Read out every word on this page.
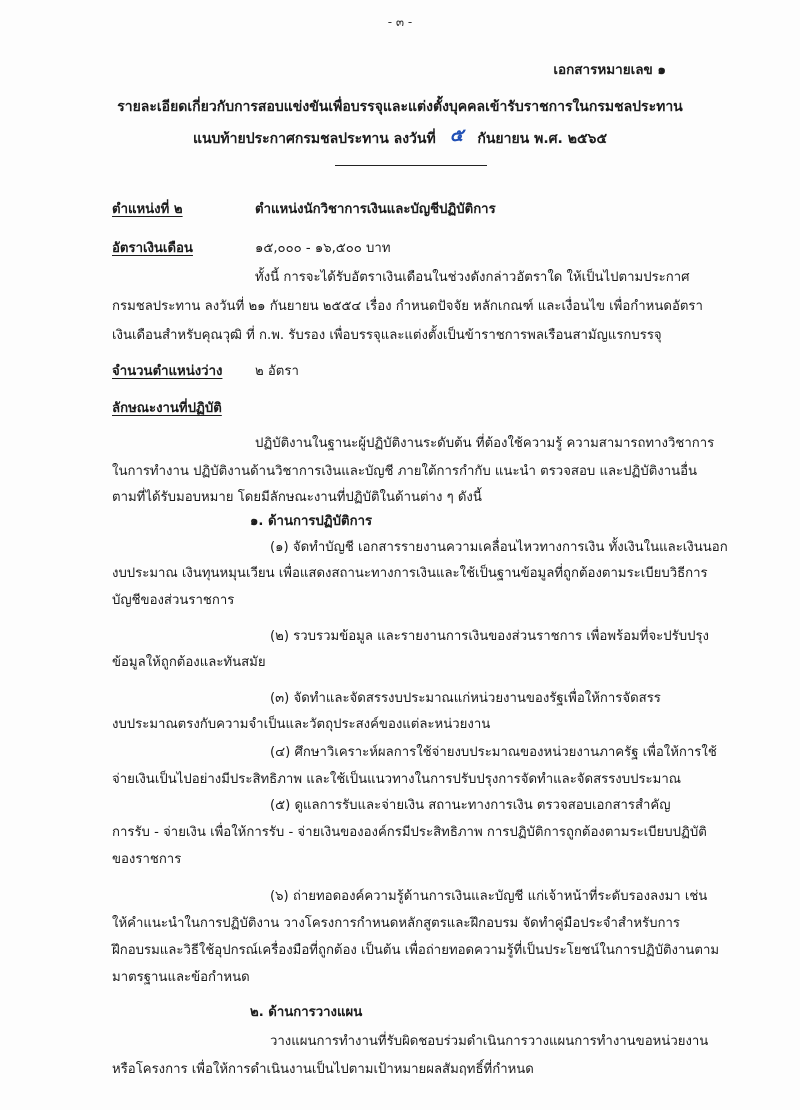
- ๓ -
เอกสารหมายเลข ๑
รายละเอียดเกี่ยวกับการสอบแข่งขันเพื่อบรรจุและแต่งตั้งบุคคลเข้ารับราชการในกรมชลประทาน
แนบท้ายประกาศกรมชลประทาน ลงวันที่ ๕ กันยายน พ.ศ. ๒๕๖๕
ตำแหน่งที่ ๒	ตำแหน่งนักวิชาการเงินและบัญชีปฏิบัติการ
อัตราเงินเดือน	๑๕,๐๐๐ - ๑๖,๕๐๐ บาท
ทั้งนี้ การจะได้รับอัตราเงินเดือนในช่วงดังกล่าวอัตราใด ให้เป็นไปตามประกาศ
กรมชลประทาน ลงวันที่ ๒๑ กันยายน ๒๕๕๔ เรื่อง กำหนดปัจจัย หลักเกณฑ์ และเงื่อนไข เพื่อกำหนดอัตรา
เงินเดือนสำหรับคุณวุฒิ ที่ ก.พ. รับรอง เพื่อบรรจุและแต่งตั้งเป็นข้าราชการพลเรือนสามัญแรกบรรจุ
จำนวนตำแหน่งว่าง ๒ อัตรา
ลักษณะงานที่ปฏิบัติ
ปฏิบัติงานในฐานะผู้ปฏิบัติงานระดับต้น ที่ต้องใช้ความรู้ ความสามารถทางวิชาการ
ในการทำงาน ปฏิบัติงานด้านวิชาการเงินและบัญชี ภายใต้การกำกับ แนะนำ ตรวจสอบ และปฏิบัติงานอื่น
ตามที่ได้รับมอบหมาย โดยมีลักษณะงานที่ปฏิบัติในด้านต่าง ๆ ดังนี้
๑. ด้านการปฏิบัติการ
(๑) จัดทำบัญชี เอกสารรายงานความเคลื่อนไหวทางการเงิน ทั้งเงินในและเงินนอก
งบประมาณ เงินทุนหมุนเวียน เพื่อแสดงสถานะทางการเงินและใช้เป็นฐานข้อมูลที่ถูกต้องตามระเบียบวิธีการ
บัญชีของส่วนราชการ
(๒) รวบรวมข้อมูล และรายงานการเงินของส่วนราชการ เพื่อพร้อมที่จะปรับปรุง
ข้อมูลให้ถูกต้องและทันสมัย
(๓) จัดทำและจัดสรรงบประมาณแก่หน่วยงานของรัฐเพื่อให้การจัดสรร
งบประมาณตรงกับความจำเป็นและวัตถุประสงค์ของแต่ละหน่วยงาน
(๔) ศึกษาวิเคราะห์ผลการใช้จ่ายงบประมาณของหน่วยงานภาครัฐ เพื่อให้การใช้
จ่ายเงินเป็นไปอย่างมีประสิทธิภาพ และใช้เป็นแนวทางในการปรับปรุงการจัดทำและจัดสรรงบประมาณ
(๕) ดูแลการรับและจ่ายเงิน สถานะทางการเงิน ตรวจสอบเอกสารสำคัญ
การรับ - จ่ายเงิน เพื่อให้การรับ - จ่ายเงินขององค์กรมีประสิทธิภาพ การปฏิบัติการถูกต้องตามระเบียบปฏิบัติ
ของราชการ
(๖) ถ่ายทอดองค์ความรู้ด้านการเงินและบัญชี แก่เจ้าหน้าที่ระดับรองลงมา เช่น
ให้คำแนะนำในการปฏิบัติงาน วางโครงการกำหนดหลักสูตรและฝึกอบรม จัดทำคู่มือประจำสำหรับการ
ฝึกอบรมและวิธีใช้อุปกรณ์เครื่องมือที่ถูกต้อง เป็นต้น เพื่อถ่ายทอดความรู้ที่เป็นประโยชน์ในการปฏิบัติงานตาม
มาตรฐานและข้อกำหนด
๒. ด้านการวางแผน
วางแผนการทำงานที่รับผิดชอบร่วมดำเนินการวางแผนการทำงานขอหน่วยงาน
หรือโครงการ เพื่อให้การดำเนินงานเป็นไปตามเป้าหมายผลสัมฤทธิ์ที่กำหนด
